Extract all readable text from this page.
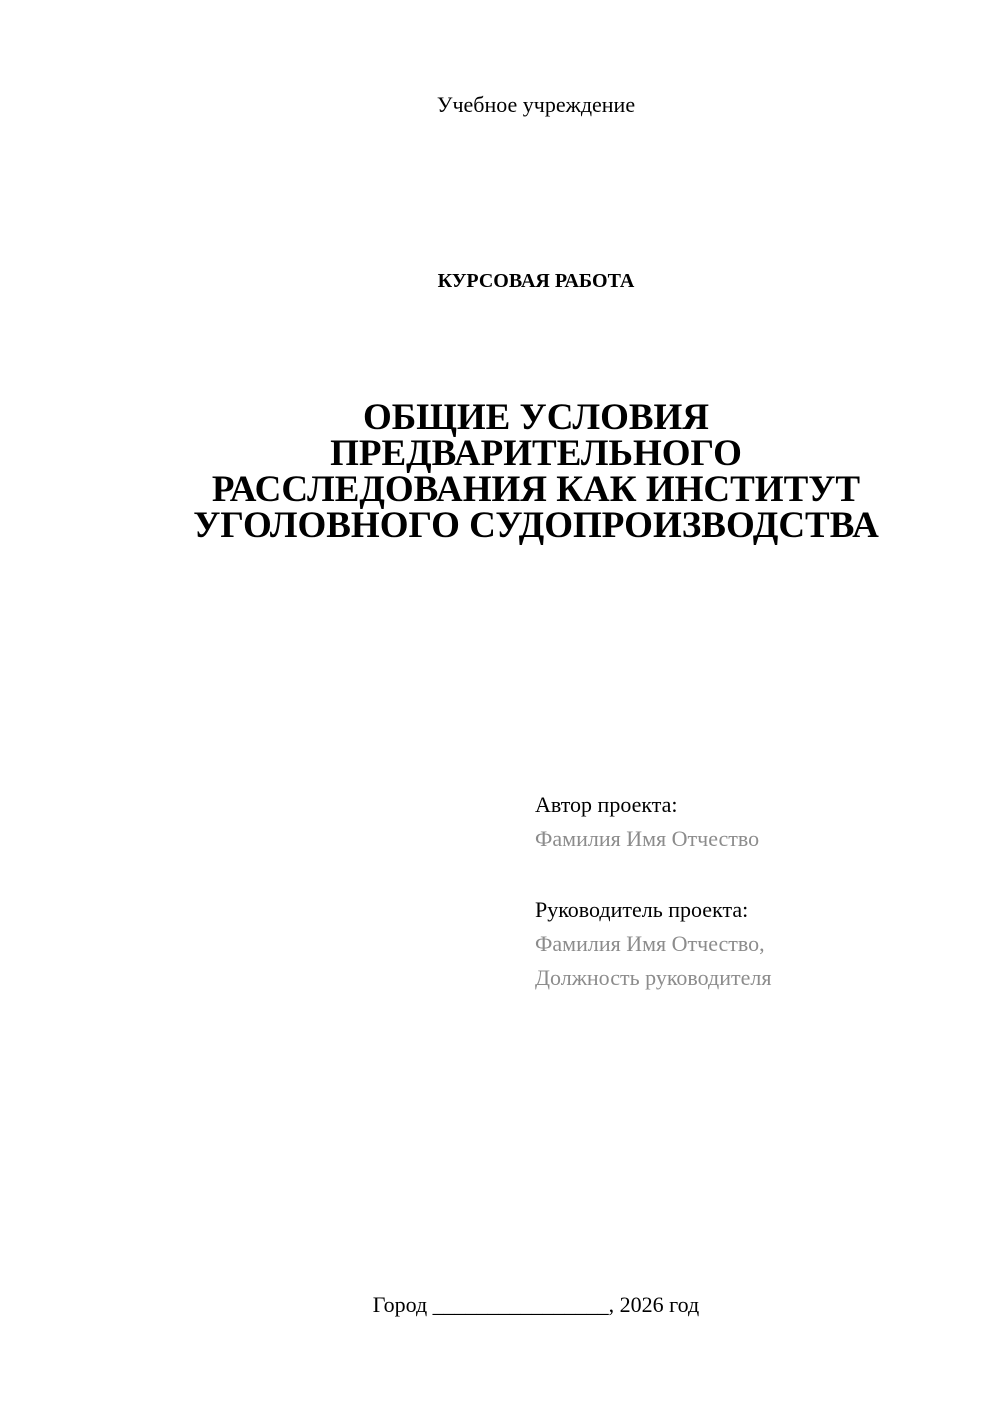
Учебное учреждение
КУРСОВАЯ РАБОТА
ОБЩИЕ УСЛОВИЯ
ПРЕДВАРИТЕЛЬНОГО
РАССЛЕДОВАНИЯ КАК ИНСТИТУТ
УГОЛОВНОГО СУДОПРОИЗВОДСТВА
Автор проекта:
Фамилия Имя Отчество
Руководитель проекта:
Фамилия Имя Отчество,
Должность руководителя
Город ________________, 2026 год
